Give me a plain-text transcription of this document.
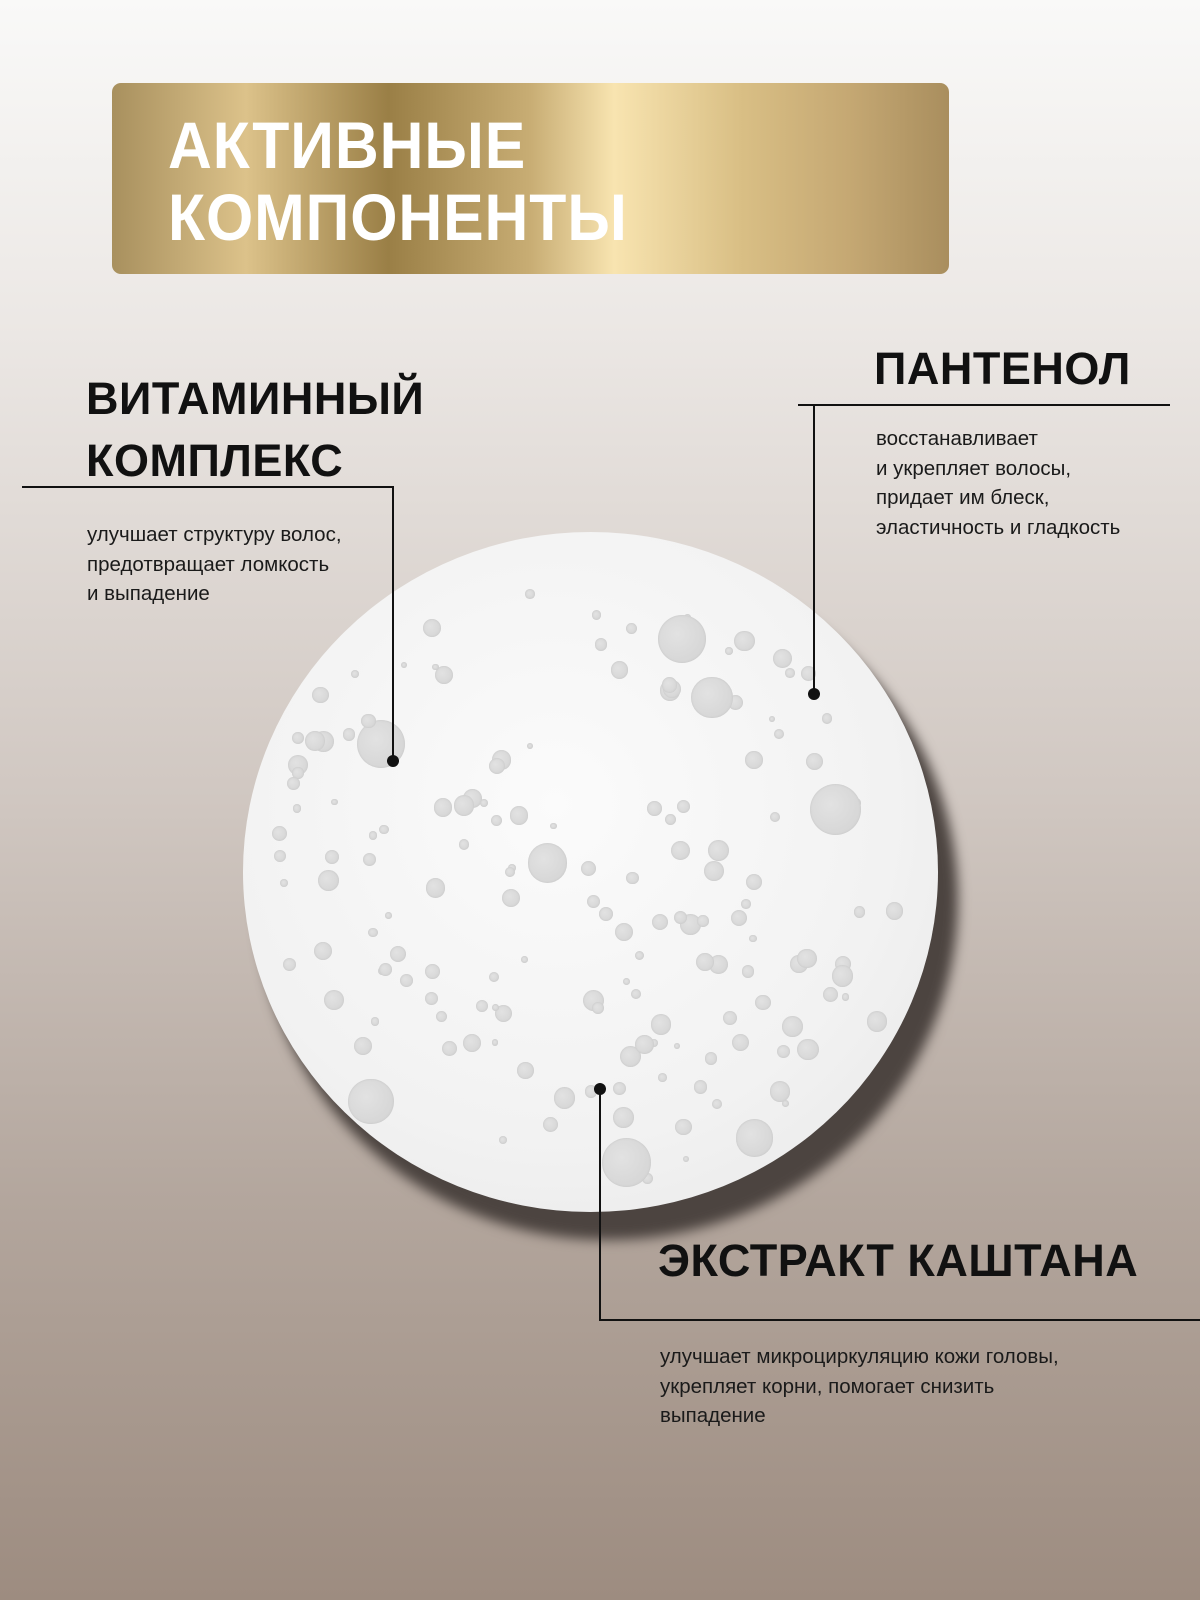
АКТИВНЫЕ
КОМПОНЕНТЫ
ВИТАМИННЫЙ
КОМПЛЕКС

улучшает структуру волос,
предотвращает ломкость
и выпадение

ПАНТЕНОЛ

восстанавливает
и укрепляет волосы,
придает им блеск,
эластичность и гладкость

ЭКСТРАКТ КАШТАНА

улучшает микроциркуляцию кожи головы,
укрепляет корни, помогает снизить
выпадение
